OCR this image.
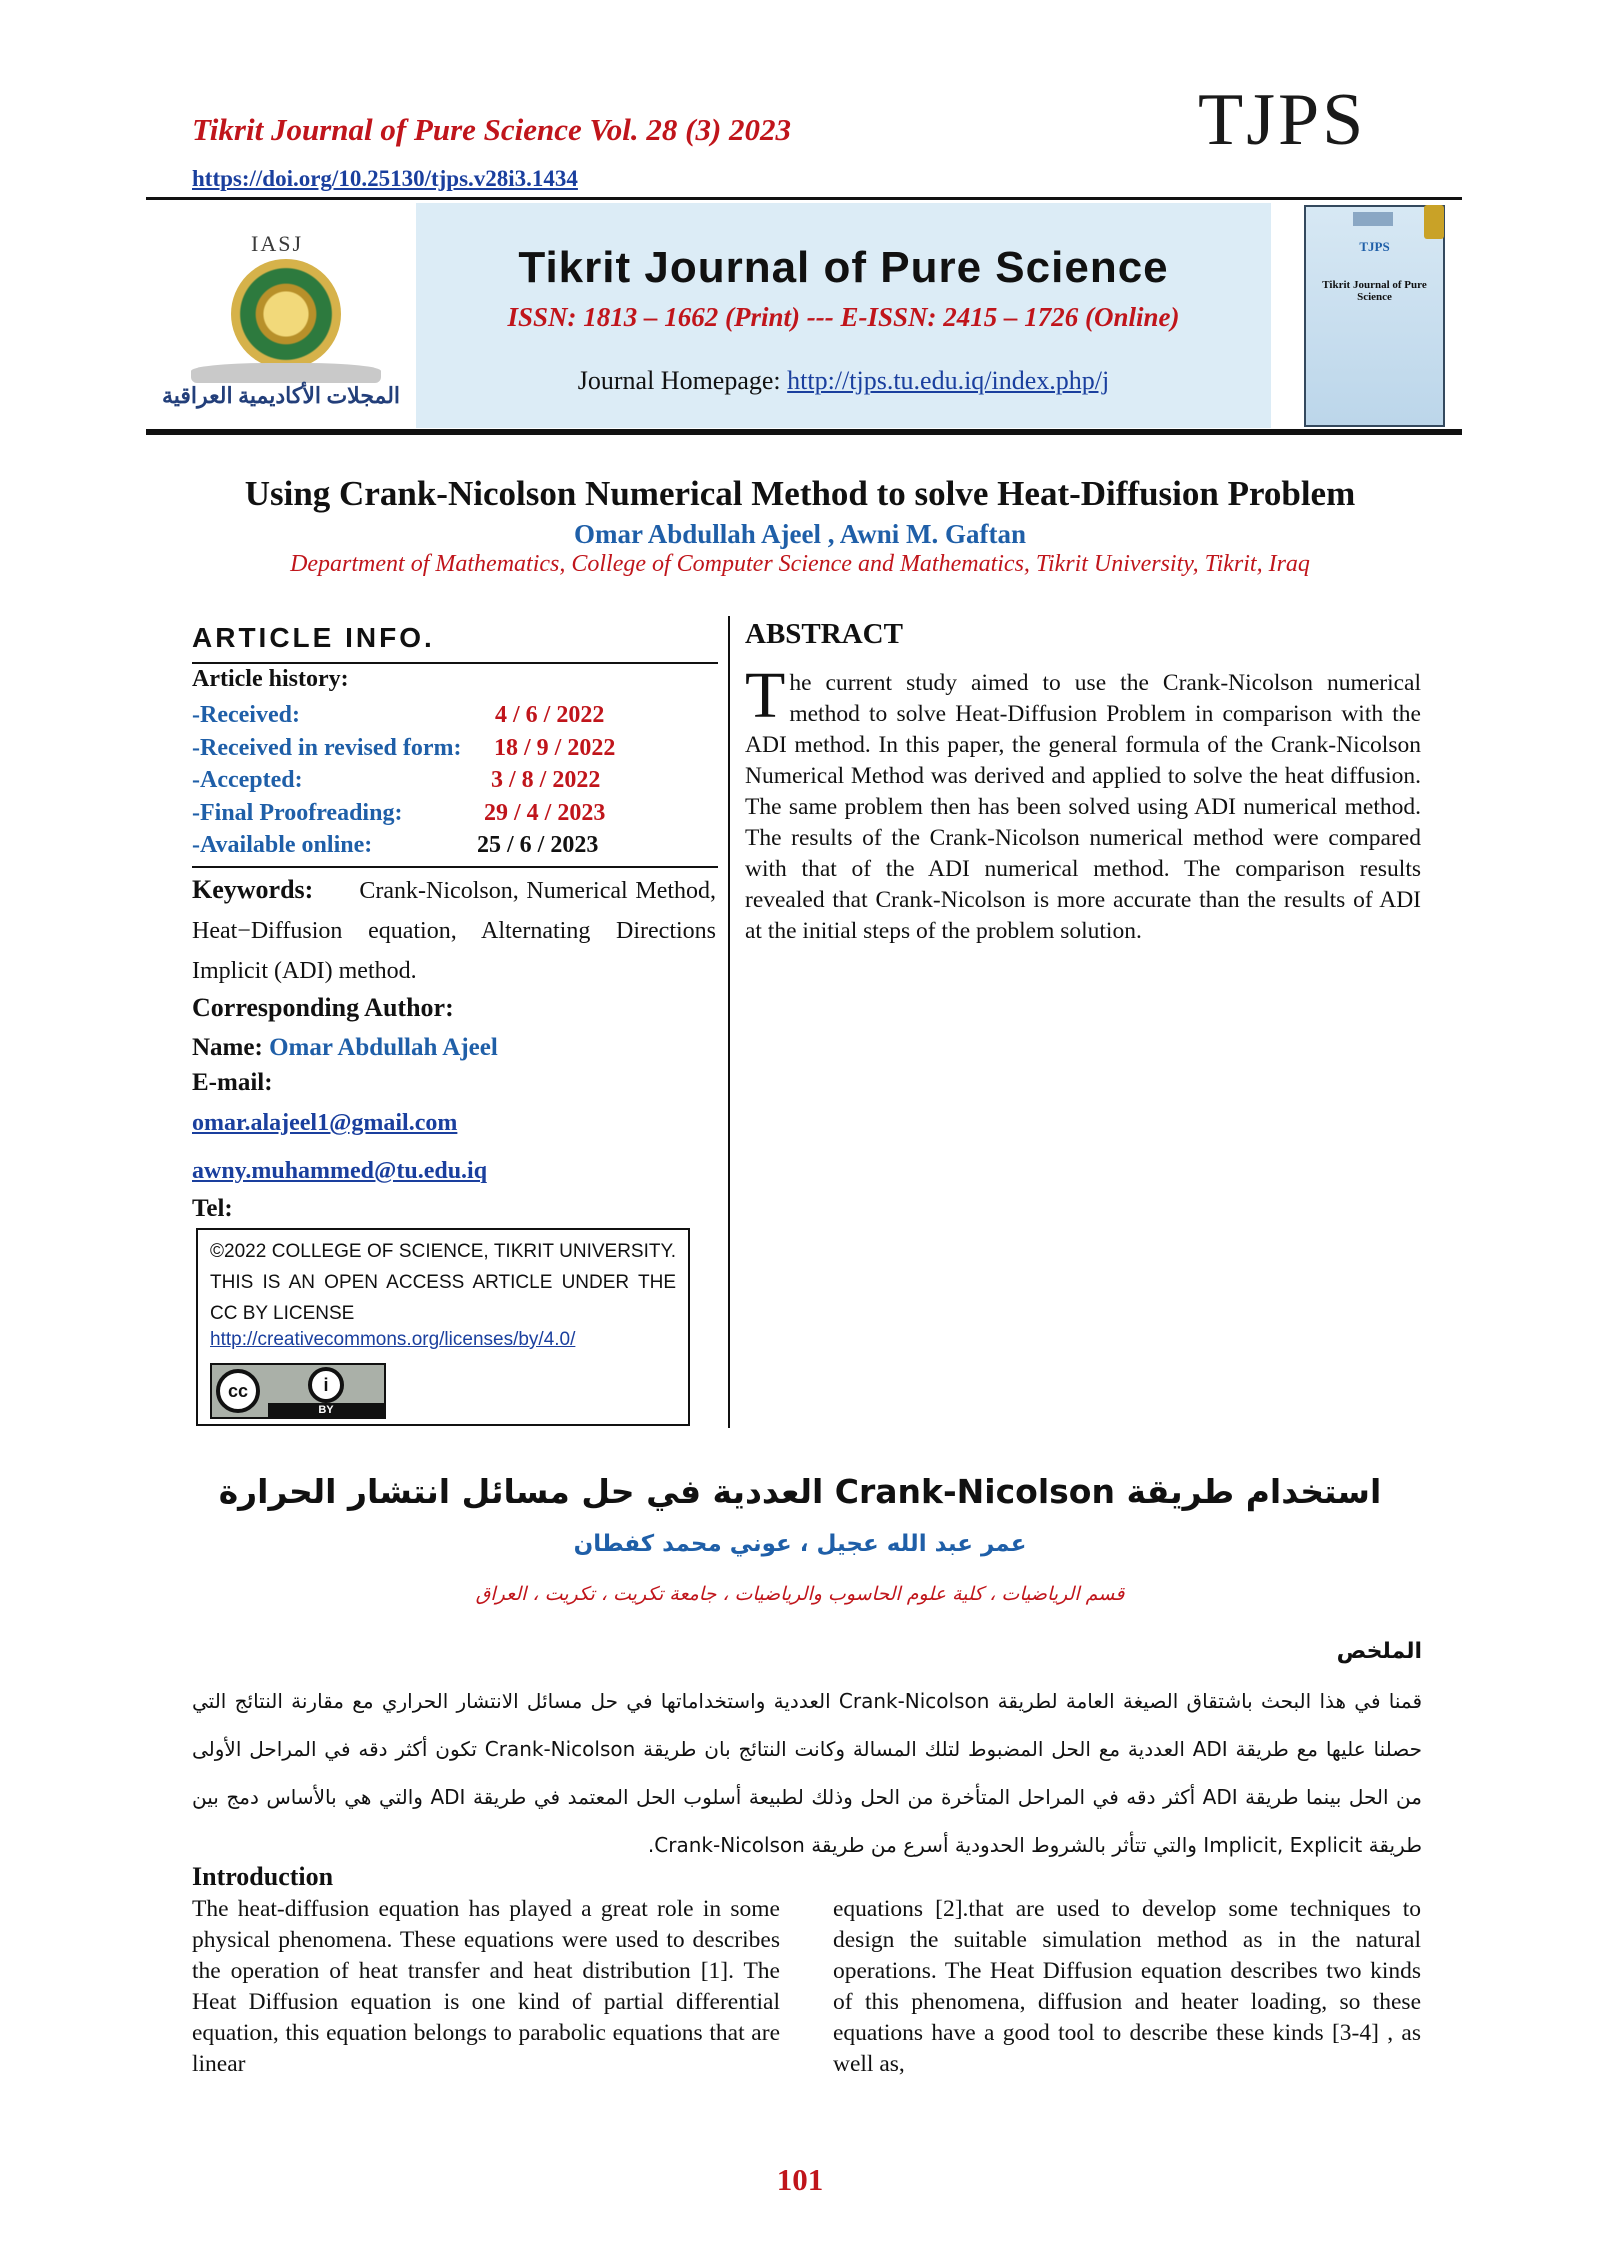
Tikrit Journal of Pure Science Vol. 28 (3) 2023
https://doi.org/10.25130/tjps.v28i3.1434
TJPS
IASJ
المجلات الأكاديمية العراقية
Tikrit Journal of Pure Science
ISSN: 1813 – 1662 (Print) --- E-ISSN: 2415 – 1726 (Online)
Journal Homepage: http://tjps.tu.edu.iq/index.php/j
TJPS
Tikrit Journal of Pure Science
Using Crank-Nicolson Numerical Method to solve Heat-Diffusion Problem
Omar Abdullah Ajeel , Awni M. Gaftan
Department of Mathematics, College of Computer Science and Mathematics, Tikrit University, Tikrit, Iraq
ARTICLE INFO.
Article history:
-Received:	4 / 6 / 2022
-Received in revised form: 18 / 9 / 2022
-Accepted:	3 / 8 / 2022
-Final Proofreading:	29 / 4 / 2023
-Available online:	25 / 6 / 2023
Keywords: Crank-Nicolson, Numerical Method, Heat−Diffusion equation, Alternating Directions Implicit (ADI) method.
Corresponding Author:
Name: Omar Abdullah Ajeel
E-mail:
omar.alajeel1@gmail.com
awny.muhammed@tu.edu.iq
Tel:
©2022 COLLEGE OF SCIENCE, TIKRIT UNIVERSITY. THIS IS AN OPEN ACCESS ARTICLE UNDER THE CC BY LICENSE
http://creativecommons.org/licenses/by/4.0/
cc	i
BY
ABSTRACT
The current study aimed to use the Crank-Nicolson numerical method to solve Heat-Diffusion Problem in comparison with the ADI method. In this paper, the general formula of the Crank-Nicolson Numerical Method was derived and applied to solve the heat diffusion. The same problem then has been solved using ADI numerical method. The results of the Crank-Nicolson numerical method were compared with that of the ADI numerical method. The comparison results revealed that Crank-Nicolson is more accurate than the results of ADI at the initial steps of the problem solution.
استخدام طريقة Crank-Nicolson العددية في حل مسائل انتشار الحرارة
عمر عبد الله عجيل ، عوني محمد كفطان
قسم الرياضيات ، كلية علوم الحاسوب والرياضيات ، جامعة تكريت ، تكريت ، العراق
الملخص
قمنا في هذا البحث باشتقاق الصيغة العامة لطريقة Crank-Nicolson العددية واستخداماتها في حل مسائل الانتشار الحراري مع مقارنة النتائج التي حصلنا عليها مع طريقة ADI العددية مع الحل المضبوط لتلك المسالة وكانت النتائج بان طريقة Crank-Nicolson تكون أكثر دقه في المراحل الأولى من الحل بينما طريقة ADI أكثر دقه في المراحل المتأخرة من الحل وذلك لطبيعة أسلوب الحل المعتمد في طريقة ADI والتي هي بالأساس دمج بين طريقة Implicit, Explicit والتي تتأثر بالشروط الحدودية أسرع من طريقة Crank-Nicolson.
Introduction
The heat-diffusion equation has played a great role in some physical phenomena. These equations were used to describes the operation of heat transfer and heat distribution [1]. The Heat Diffusion equation is one kind of partial differential equation, this equation belongs to parabolic equations that are linear
equations [2].that are used to develop some techniques to design the suitable simulation method as in the natural operations. The Heat Diffusion equation describes two kinds of this phenomena, diffusion and heater loading, so these equations have a good tool to describe these kinds [3-4] , as well as,
101
